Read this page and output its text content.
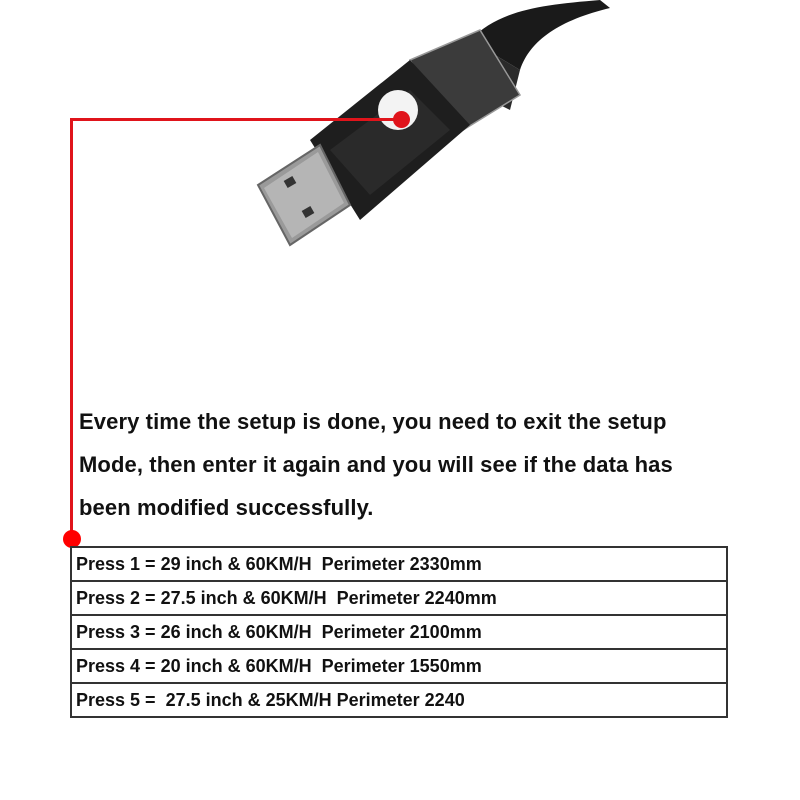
Every time the setup is done, you need to exit the setup

Mode, then enter it again and you will see if the data has

been modified successfully.

Press 1 = 29 inch & 60KM/H  Perimeter 2330mm
Press 2 = 27.5 inch & 60KM/H  Perimeter 2240mm
Press 3 = 26 inch & 60KM/H  Perimeter 2100mm
Press 4 = 20 inch & 60KM/H  Perimeter 1550mm
Press 5 =  27.5 inch & 25KM/H Perimeter 2240
